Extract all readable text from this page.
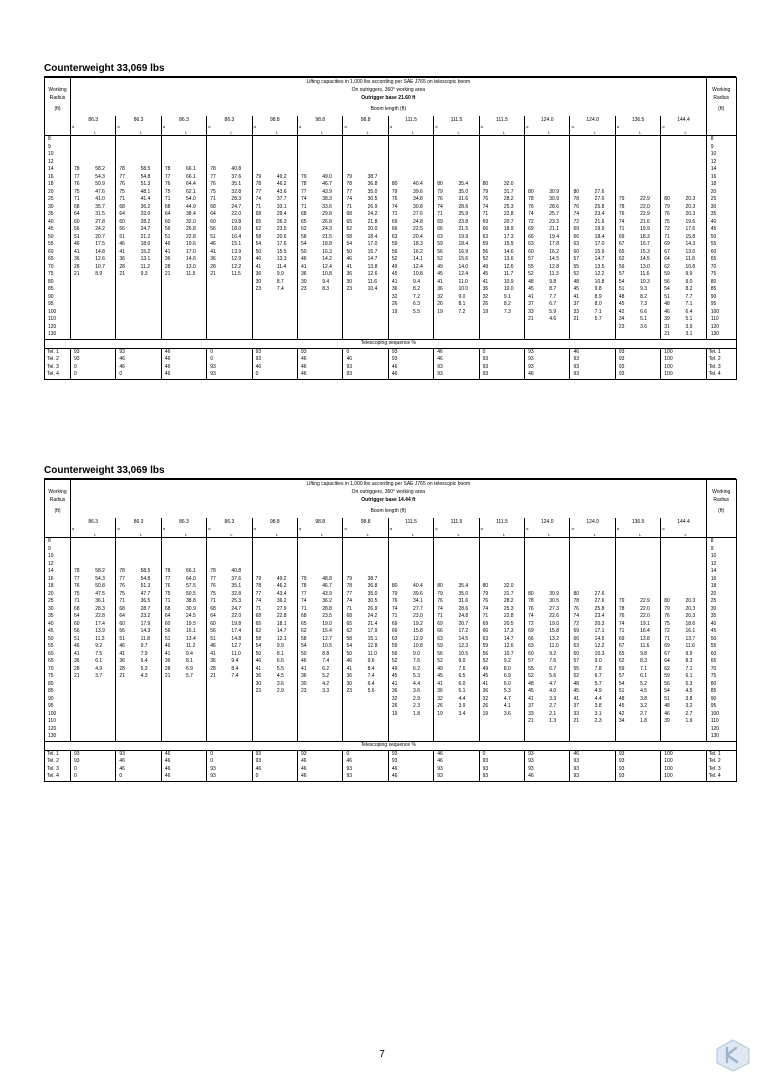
Counterweight 33,069 lbs
	Lifting capacities in 1,000 lbs according per SAE J765 on telescopic boom																												
Working	On outriggers, 360° working area																												Working
Radius	Outrigger base 21.60 ft																												Radius
(ft)	Boom length (ft)																												(ft)
	86.3		86.3		86.3		86.3		98.8		98.8		98.8		111.5		111.5		111.5		124.0		124.0		136.5		144.4		

	α	L	α	L	α	L	α	L	α	L	α	L	α	L	α	L	α	L	α	L	α	L	α	L	α	L	α	L	

8																													8
9																													9
10																													10
12																													12
14	78	58.2	78	58.5	78	66.1	78	40.8																					14
16	77	54.3	77	54.8	77	66.1	77	37.6	79	49.2	79	49.0	79	38.7															16
18	76	50.9	76	51.3	76	64.4	76	35.1	78	46.2	78	46.7	78	36.8	80	40.4	80	35.4	80	32.0									18
20	75	47.6	75	48.1	75	62.1	75	32.8	77	43.6	77	43.9	77	35.0	79	39.6	79	35.0	79	31.7	80	30.9	80	27.6					20
25	71	41.0	71	41.4	71	54.0	71	28.3	74	37.7	74	38.3	74	30.5	76	34.8	76	31.6	76	28.2	78	30.9	78	27.6	79	22.9	80	20.3	25
30	68	35.7	68	36.2	68	44.9	68	24.7	71	33.1	71	33.6	71	26.9	74	30.8	74	28.6	74	25.3	76	28.6	76	25.8	78	22.0	79	20.3	30
35	64	31.5	64	32.0	64	38.4	64	22.0	68	29.4	68	29.8	68	24.2	71	27.6	71	25.9	71	22.8	74	25.7	74	23.4	76	22.9	76	20.3	35
40	60	27.8	60	28.2	60	32.0	60	19.8	65	26.3	65	26.8	65	21.8	69	24.8	69	23.8	69	20.7	72	23.3	72	21.6	74	21.6	75	19.6	40
45	56	24.2	56	24.7	56	26.8	56	18.0	62	23.5	62	24.3	62	20.0	66	22.5	66	21.5	66	18.9	69	21.1	69	19.9	71	19.9	72	17.6	45
50	51	20.7	51	21.2	51	22.8	51	16.4	58	20.6	58	21.5	58	18.4	63	20.4	63	19.9	63	17.3	66	19.4	66	18.4	69	18.3	71	15.8	50
55	46	17.5	46	18.0	46	19.6	46	15.1	54	17.6	54	18.8	54	17.0	59	18.3	59	18.4	59	15.9	63	17.8	63	17.0	67	16.7	69	14.3	55
60	41	14.8	41	15.2	41	17.0	41	13.9	50	15.5	50	16.3	50	15.7	56	16.2	56	16.9	56	14.6	60	16.2	60	15.9	65	15.3	67	13.0	60
65	36	12.6	36	13.1	36	14.6	36	12.9	46	13.3	46	14.2	46	14.7	52	14.1	52	15.6	52	13.6	57	14.5	57	14.7	62	14.5	64	11.8	65
70	28	10.7	28	11.2	28	13.0	28	12.2	41	11.4	41	12.4	41	13.8	49	12.4	49	14.0	49	12.6	55	12.8	55	13.5	59	13.0	62	10.8	70
75	21	8.9	21	9.3	21	11.5	21	11.5	36	9.9	36	10.8	36	12.6	45	10.8	45	12.4	45	11.7	52	11.3	52	12.2	57	11.6	59	9.9	75
80									30	8.7	30	9.4	30	11.6	41	9.4	41	11.0	41	10.9	48	9.8	48	10.8	54	10.3	56	9.0	80
85									23	7.4	23	8.3	23	10.4	36	8.2	36	10.0	36	10.0	45	8.7	45	9.8	51	9.3	54	8.2	85
90															32	7.2	32	9.0	32	9.1	41	7.7	41	8.9	48	8.2	51	7.7	90
95															26	6.3	26	8.1	26	8.2	37	6.7	37	8.0	45	7.3	48	7.1	95
100															19	5.5	19	7.2	19	7.3	33	5.9	33	7.1	42	6.6	46	6.4	100
110																					21	4.6	21	5.7	34	5.1	39	5.1	110
120																									23	3.6	31	3.9	120
130																											21	3.1	130
	Telescoping sequence %																												
Tel. 1	93		93		46		0		93		93		0		93		46		0		93		46		93		100		Tel. 1
Tel. 2	93		46		46		0		93		46		46		93		46		93		93		93		93		100		Tel. 2
Tel. 3	0		46		46		93		46		46		93		46		93		93		93		93		93		100		Tel. 3
Tel. 4	0		0		46		93		0		46		93		46		93		93		46		93		93		100		Tel. 4
Counterweight 33,069 lbs
	Lifting capacities in 1,000 lbs according per SAE J765 on telescopic boom																												
Working	On outriggers, 360° working area																												Working
Radius	Outrigger base 14.44 ft																												Radius
(ft)	Boom length (ft)																												(ft)
	86.3		86.3		86.3		86.3		98.8		98.8		98.8		111.5		111.5		111.5		124.0		124.0		136.5		144.4		

	α	L	α	L	α	L	α	L	α	L	α	L	α	L	α	L	α	L	α	L	α	L	α	L	α	L	α	L	

8																													8
9																													9
10																													10
12																													12
14	78	58.2	78	58.5	78	66.1	78	40.8																					14
16	77	54.3	77	54.8	77	64.0	77	37.6	79	49.2	79	48.8	79	38.7															16
18	76	50.8	76	51.3	76	57.5	76	35.1	78	46.2	78	46.7	78	36.8	80	40.4	80	35.4	80	32.0									18
20	75	47.5	75	47.7	75	50.5	75	32.8	77	43.4	77	43.9	77	35.0	79	39.6	79	35.0	79	31.7	80	30.9	80	27.6					20
25	71	36.1	71	36.5	71	38.8	71	25.3	74	36.2	74	36.2	74	30.5	76	34.1	76	31.6	76	28.2	78	30.5	78	27.6	79	22.9	80	20.3	25
30	68	28.3	68	28.7	68	30.9	68	24.7	71	27.9	71	28.8	71	26.9	74	27.7	74	28.6	74	25.3	76	27.3	76	25.8	78	22.0	79	20.3	30
35	64	22.8	64	23.2	64	24.5	64	22.0	68	22.8	68	23.5	68	24.2	71	23.0	71	24.8	71	22.8	74	22.6	74	23.4	76	22.0	76	20.3	35
40	60	17.4	60	17.9	60	19.5	60	19.8	65	18.1	65	19.0	65	21.4	69	19.2	69	20.7	69	20.5	72	19.0	72	20.3	74	19.1	75	18.6	40
45	56	13.9	56	14.3	56	16.1	56	17.4	62	14.7	62	15.4	62	17.9	66	15.8	66	17.2	66	17.3	69	15.8	69	17.1	71	16.4	72	16.1	45
50	51	11.3	51	11.8	51	13.4	51	14.8	58	12.1	58	12.7	58	15.1	63	12.9	63	14.5	63	14.7	66	13.2	66	14.5	69	13.8	71	13.7	50
55	46	9.2	46	9.7	46	11.2	46	12.7	54	9.9	54	10.5	54	12.8	59	10.8	59	12.3	59	12.6	63	11.0	63	12.2	67	11.6	69	11.6	55
60	41	7.5	41	7.9	41	9.4	41	11.0	50	8.1	50	8.8	50	11.0	56	9.0	56	10.5	56	10.7	60	9.2	60	10.3	65	9.8	67	9.9	60
65	36	6.1	36	6.4	36	8.1	36	9.4	46	6.6	46	7.4	46	9.6	52	7.6	52	9.0	52	9.2	57	7.6	57	9.0	62	8.3	64	8.3	65
70	28	4.9	28	5.3	28	6.9	28	8.4	41	5.5	41	6.2	41	8.4	49	6.2	49	7.6	49	8.0	55	6.7	55	7.8	59	7.1	62	7.1	70
75	21	3.7	21	4.3	21	5.7	21	7.4	36	4.5	36	5.2	36	7.4	45	5.3	45	6.5	45	6.9	52	5.6	52	6.7	57	6.1	59	6.1	75
80									30	3.6	30	4.2	30	6.4	41	4.4	41	6.0	41	6.0	48	4.7	48	5.7	54	5.2	56	5.3	80
85									23	2.9	23	3.3	23	5.6	36	3.6	36	5.1	36	5.3	45	4.0	45	4.9	51	4.5	54	4.5	85
90															32	2.9	32	4.4	32	4.7	41	3.3	41	4.4	48	3.8	51	3.8	90
95															26	2.3	26	3.9	26	4.1	37	2.7	37	3.8	45	3.2	48	3.2	95
100															19	1.8	19	3.4	19	3.6	33	2.1	33	3.1	42	2.7	46	2.7	100
110																					21	1.3	21	2.3	34	1.8	39	1.9	110
120																													120
130																													130
	Telescoping sequence %																												
Tel. 1	93		93		46		0		93		93		0		93		46		0		93		46		93		100		Tel. 1
Tel. 2	93		46		46		0		93		46		46		93		46		93		93		93		93		100		Tel. 2
Tel. 3	0		46		46		93		46		46		93		46		93		93		93		93		93		100		Tel. 3
Tel. 4	0		0		46		93		0		46		93		46		93		93		46		93		93		100		Tel. 4
7
